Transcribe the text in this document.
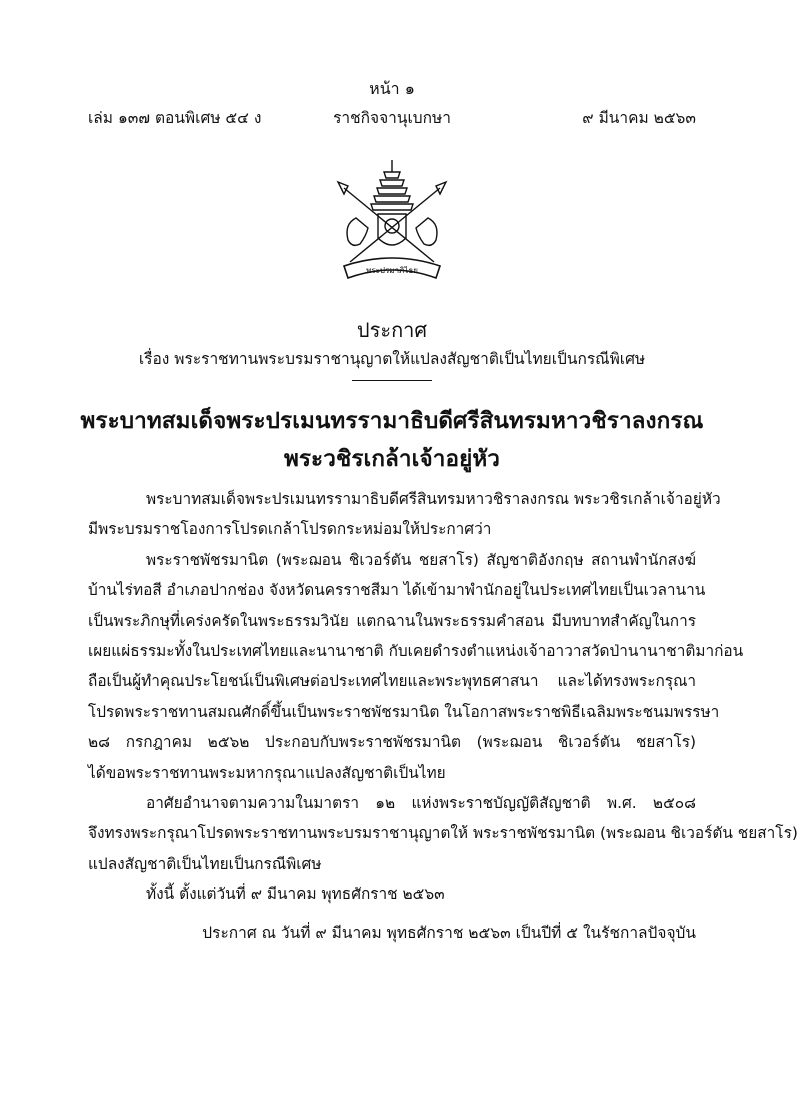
หน้า ๑
เล่ม ๑๓๗ ตอนพิเศษ ๕๔ ง	ราชกิจจานุเบกษา	๙ มีนาคม ๒๕๖๓
พระปรมาภิไธย
ประกาศ
เรื่อง พระราชทานพระบรมราชานุญาตให้แปลงสัญชาติเป็นไทยเป็นกรณีพิเศษ
พระบาทสมเด็จพระปรเมนทรรามาธิบดีศรีสินทรมหาวชิราลงกรณ
พระวชิรเกล้าเจ้าอยู่หัว
พระบาทสมเด็จพระปรเมนทรรามาธิบดีศรีสินทรมหาวชิราลงกรณ พระวชิรเกล้าเจ้าอยู่หัว
มีพระบรมราชโองการโปรดเกล้าโปรดกระหม่อมให้ประกาศว่า
พระราชพัชรมานิต (พระฌอน ชิเวอร์ตัน ชยสาโร) สัญชาติอังกฤษ สถานพำนักสงฆ์
บ้านไร่ทอสี อำเภอปากช่อง จังหวัดนครราชสีมา ได้เข้ามาพำนักอยู่ในประเทศไทยเป็นเวลานาน
เป็นพระภิกษุที่เคร่งครัดในพระธรรมวินัย แตกฉานในพระธรรมคำสอน มีบทบาทสำคัญในการ
เผยแผ่ธรรมะทั้งในประเทศไทยและนานาชาติ กับเคยดำรงตำแหน่งเจ้าอาวาสวัดป่านานาชาติมาก่อน
ถือเป็นผู้ทำคุณประโยชน์เป็นพิเศษต่อประเทศไทยและพระพุทธศาสนา และได้ทรงพระกรุณา
โปรดพระราชทานสมณศักดิ์ขึ้นเป็นพระราชพัชรมานิต ในโอกาสพระราชพิธีเฉลิมพระชนมพรรษา
๒๘ กรกฎาคม ๒๕๖๒ ประกอบกับพระราชพัชรมานิต (พระฌอน ชิเวอร์ตัน ชยสาโร)
ได้ขอพระราชทานพระมหากรุณาแปลงสัญชาติเป็นไทย
อาศัยอำนาจตามความในมาตรา ๑๒ แห่งพระราชบัญญัติสัญชาติ พ.ศ. ๒๕๐๘
จึงทรงพระกรุณาโปรดพระราชทานพระบรมราชานุญาตให้ พระราชพัชรมานิต (พระฌอน ชิเวอร์ตัน ชยสาโร)
แปลงสัญชาติเป็นไทยเป็นกรณีพิเศษ
ทั้งนี้ ตั้งแต่วันที่ ๙ มีนาคม พุทธศักราช ๒๕๖๓
ประกาศ ณ วันที่ ๙ มีนาคม พุทธศักราช ๒๕๖๓ เป็นปีที่ ๕ ในรัชกาลปัจจุบัน
